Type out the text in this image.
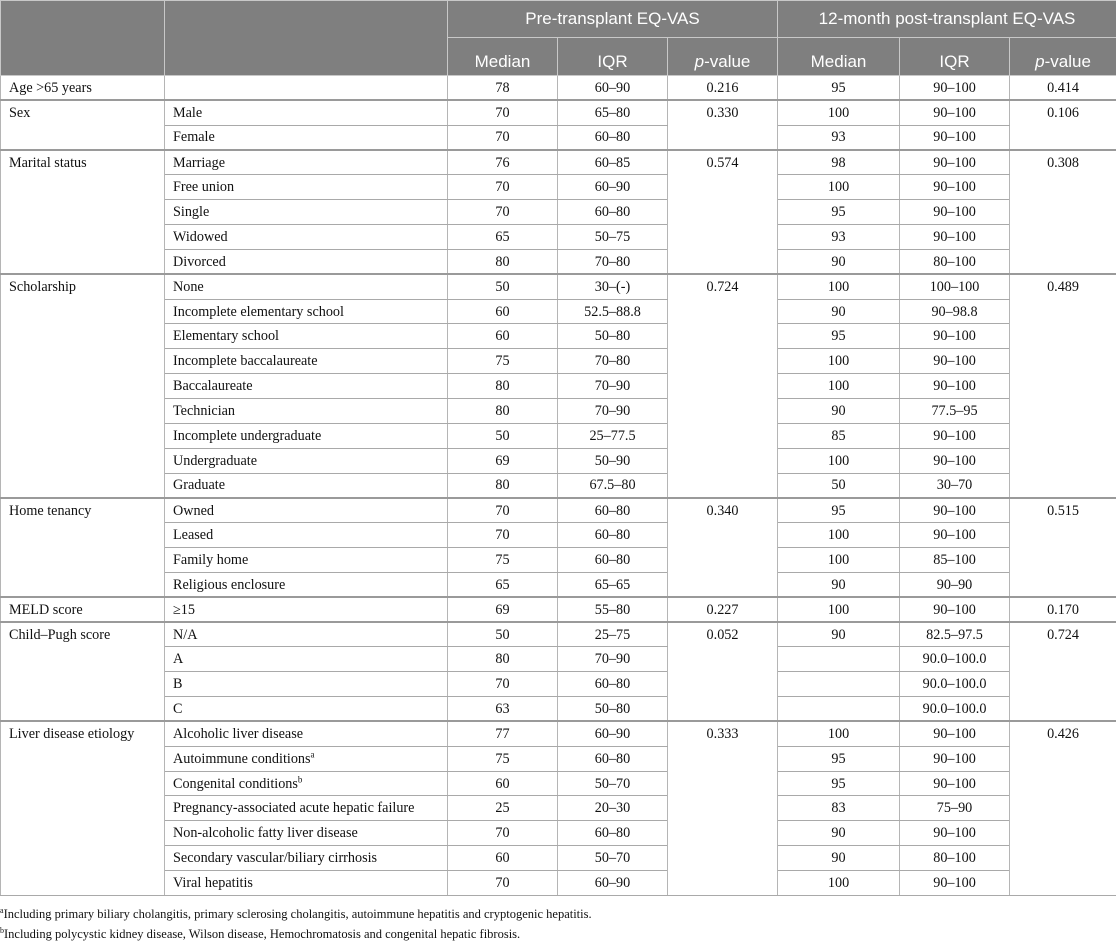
		Pre-transplant EQ-VAS			12-month post-transplant EQ-VAS		
		Median	IQR	p-value	Median	IQR	p-value
Age >65 years		78	60–90	0.216	95	90–100	0.414
Sex	Male	70	65–80	0.330	100	90–100	0.106
	Female	70	60–80		93	90–100	
Marital status	Marriage	76	60–85	0.574	98	90–100	0.308
	Free union	70	60–90		100	90–100	
	Single	70	60–80		95	90–100	
	Widowed	65	50–75		93	90–100	
	Divorced	80	70–80		90	80–100	
Scholarship	None	50	30–(-)	0.724	100	100–100	0.489
	Incomplete elementary school	60	52.5–88.8		90	90–98.8	
	Elementary school	60	50–80		95	90–100	
	Incomplete baccalaureate	75	70–80		100	90–100	
	Baccalaureate	80	70–90		100	90–100	
	Technician	80	70–90		90	77.5–95	
	Incomplete undergraduate	50	25–77.5		85	90–100	
	Undergraduate	69	50–90		100	90–100	
	Graduate	80	67.5–80		50	30–70	
Home tenancy	Owned	70	60–80	0.340	95	90–100	0.515
	Leased	70	60–80		100	90–100	
	Family home	75	60–80		100	85–100	
	Religious enclosure	65	65–65		90	90–90	
MELD score	≥15	69	55–80	0.227	100	90–100	0.170
Child–Pugh score	N/A	50	25–75	0.052	90	82.5–97.5	0.724
	A	80	70–90			90.0–100.0	
	B	70	60–80			90.0–100.0	
	C	63	50–80			90.0–100.0	
Liver disease etiology	Alcoholic liver disease	77	60–90	0.333	100	90–100	0.426
	Autoimmune conditions$^a$	75	60–80		95	90–100	
	Congenital conditions$^b$	60	50–70		95	90–100	
	Pregnancy-associated acute hepatic failure	25	20–30		83	75–90	
	Non-alcoholic fatty liver disease	70	60–80		90	90–100	
	Secondary vascular/biliary cirrhosis	60	50–70		90	80–100	
	Viral hepatitis	70	60–90		100	90–100	
$^a$Including primary biliary cholangitis, primary sclerosing cholangitis, autoimmune hepatitis and cryptogenic hepatitis.
$^b$Including polycystic kidney disease, Wilson disease, Hemochromatosis and congenital hepatic fibrosis.
